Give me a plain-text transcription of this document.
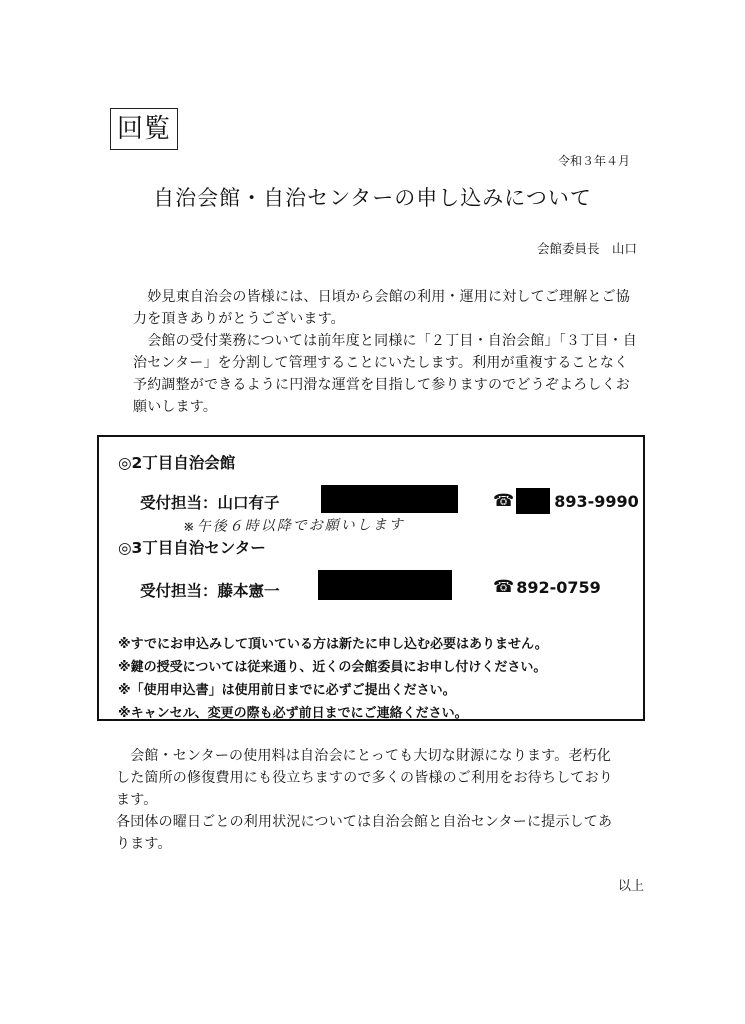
回覧
令和３年４月
自治会館・自治センターの申し込みについて
会館委員長　山口
　妙見東自治会の皆様には、日頃から会館の利用・運用に対してご理解とご協
力を頂きありがとうございます。
　会館の受付業務については前年度と同様に「２丁目・自治会館」「３丁目・自
治センター」を分割して管理することにいたします。利用が重複することなく
予約調整ができるように円滑な運営を目指して参りますのでどうぞよろしくお
願いします。
◎2丁目自治会館
受付担当：山口有子	☎	893-9990
※午後６時以降でお願いします
◎3丁目自治センター
受付担当：藤本憲一	☎ 892-0759
※すでにお申込みして頂いている方は新たに申し込む必要はありません。
※鍵の授受については従来通り、近くの会館委員にお申し付けください。
※「使用申込書」は使用前日までに必ずご提出ください。
※キャンセル、変更の際も必ず前日までにご連絡ください。
　会館・センターの使用料は自治会にとっても大切な財源になります。老朽化
した箇所の修復費用にも役立ちますので多くの皆様のご利用をお待ちしており
ます。
各団体の曜日ごとの利用状況については自治会館と自治センターに提示してあ
ります。
以上
